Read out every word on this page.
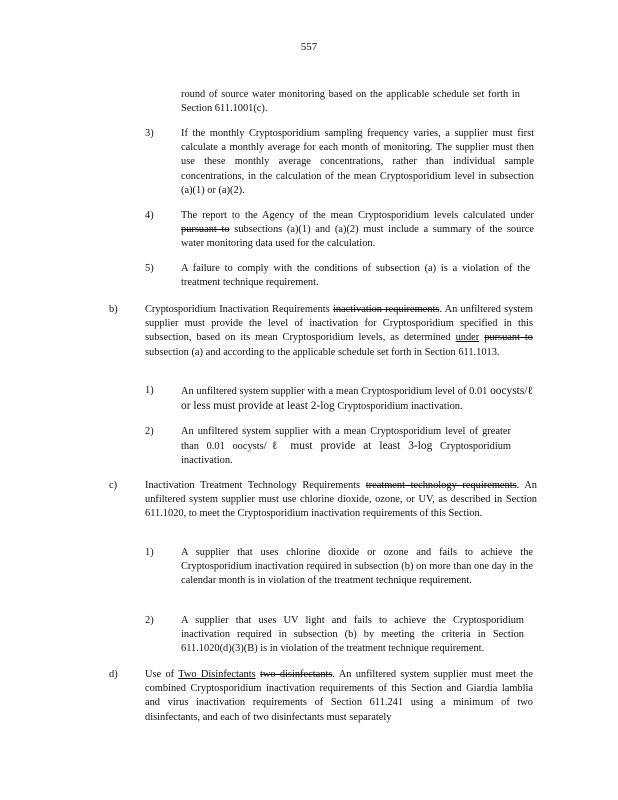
557
round of source water monitoring based on the applicable schedule set forth in Section 611.1001(c).
3)	If the monthly Cryptosporidium sampling frequency varies, a supplier must first calculate a monthly average for each month of monitoring. The supplier must then use these monthly average concentrations, rather than individual sample concentrations, in the calculation of the mean Cryptosporidium level in subsection (a)(1) or (a)(2).
4)	The report to the Agency of the mean Cryptosporidium levels calculated under pursuant to subsections (a)(1) and (a)(2) must include a summary of the source water monitoring data used for the calculation.
5)	A failure to comply with the conditions of subsection (a) is a violation of the treatment technique requirement.
b)	Cryptosporidium Inactivation Requirements inactivation requirements. An unfiltered system supplier must provide the level of inactivation for Cryptosporidium specified in this subsection, based on its mean Cryptosporidium levels, as determined under pursuant to subsection (a) and according to the applicable schedule set forth in Section 611.1013.
1)	An unfiltered system supplier with a mean Cryptosporidium level of 0.01 oocysts/ℓ or less must provide at least 2-log Cryptosporidium inactivation.
2)	An unfiltered system supplier with a mean Cryptosporidium level of greater than 0.01 oocysts/ℓ must provide at least 3-log Cryptosporidium inactivation.
c)	Inactivation Treatment Technology Requirements treatment technology requirements. An unfiltered system supplier must use chlorine dioxide, ozone, or UV, as described in Section 611.1020, to meet the Cryptosporidium inactivation requirements of this Section.
1)	A supplier that uses chlorine dioxide or ozone and fails to achieve the Cryptosporidium inactivation required in subsection (b) on more than one day in the calendar month is in violation of the treatment technique requirement.
2)	A supplier that uses UV light and fails to achieve the Cryptosporidium inactivation required in subsection (b) by meeting the criteria in Section 611.1020(d)(3)(B) is in violation of the treatment technique requirement.
d)	Use of Two Disinfectants two disinfectants. An unfiltered system supplier must meet the combined Cryptosporidium inactivation requirements of this Section and Giardia lamblia and virus inactivation requirements of Section 611.241 using a minimum of two disinfectants, and each of two disinfectants must separately
